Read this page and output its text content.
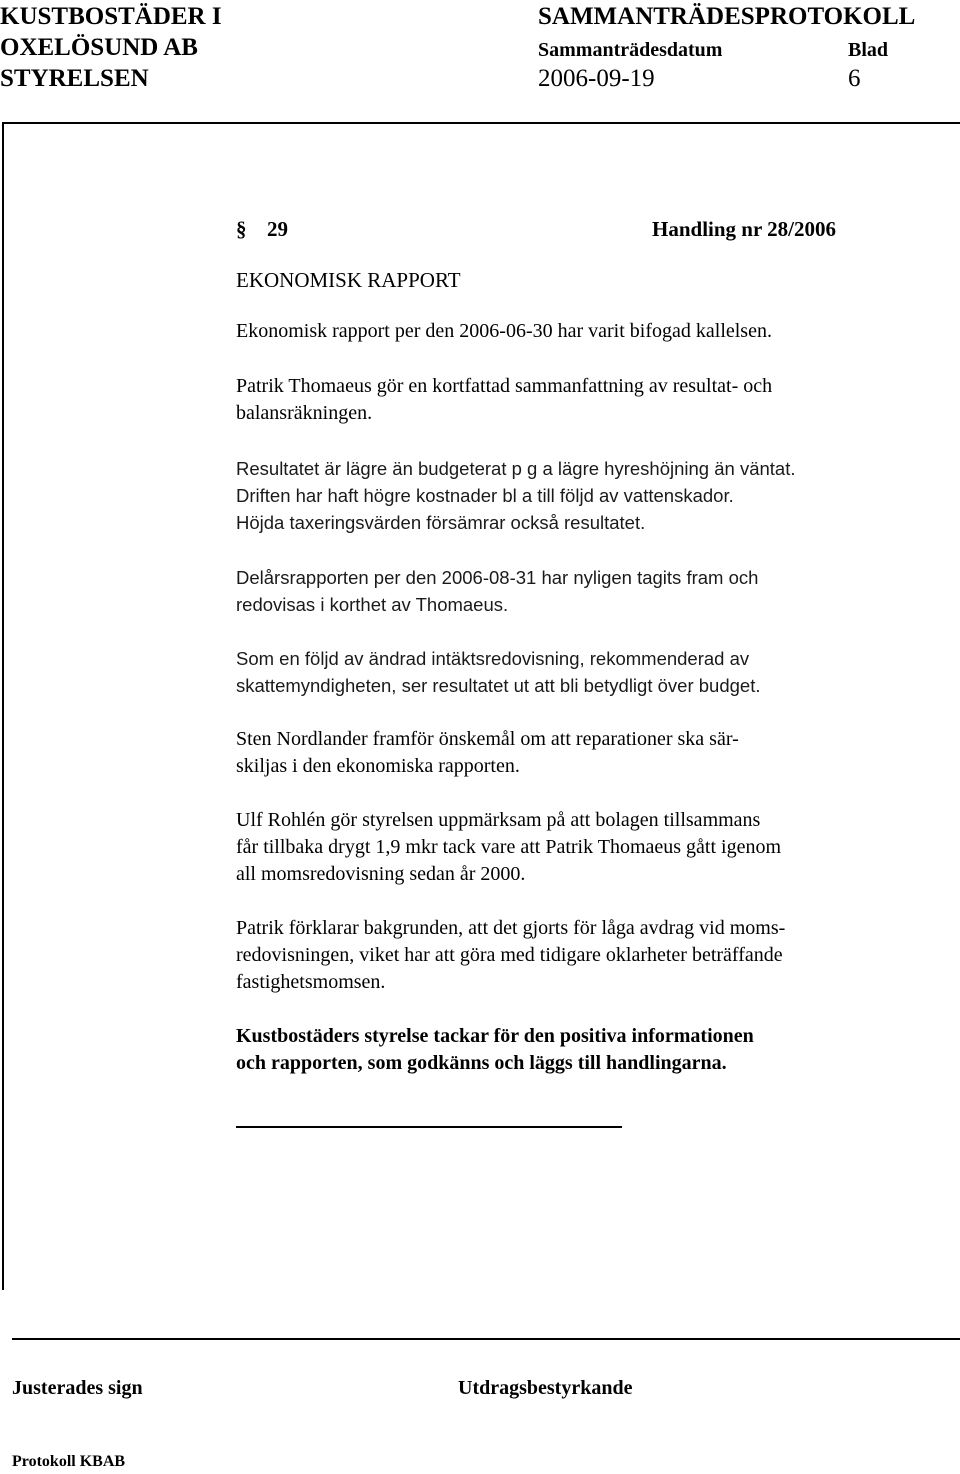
KUSTBOSTÄDER I
OXELÖSUND AB
STYRELSEN
SAMMANTRÄDESPROTOKOLL
Sammanträdesdatum	Blad
2006-09-19	6
§ 29	Handling nr 28/2006
EKONOMISK RAPPORT
Ekonomisk rapport per den 2006-06-30 har varit bifogad kallelsen.
Patrik Thomaeus gör en kortfattad sammanfattning av resultat- och
balansräkningen.
Resultatet är lägre än budgeterat p g a lägre hyreshöjning än väntat.
Driften har haft högre kostnader bl a till följd av vattenskador.
Höjda taxeringsvärden försämrar också resultatet.
Delårsrapporten per den 2006-08-31 har nyligen tagits fram och
redovisas i korthet av Thomaeus.
Som en följd av ändrad intäktsredovisning, rekommenderad av
skattemyndigheten, ser resultatet ut att bli betydligt över budget.
Sten Nordlander framför önskemål om att reparationer ska sär-
skiljas i den ekonomiska rapporten.
Ulf Rohlén gör styrelsen uppmärksam på att bolagen tillsammans
får tillbaka drygt 1,9 mkr tack vare att Patrik Thomaeus gått igenom
all momsredovisning sedan år 2000.
Patrik förklarar bakgrunden, att det gjorts för låga avdrag vid moms-
redovisningen, viket har att göra med tidigare oklarheter beträffande
fastighetsmomsen.
Kustbostäders styrelse tackar för den positiva informationen
och rapporten, som godkänns och läggs till handlingarna.
Justerades sign	Utdragsbestyrkande
Protokoll KBAB
